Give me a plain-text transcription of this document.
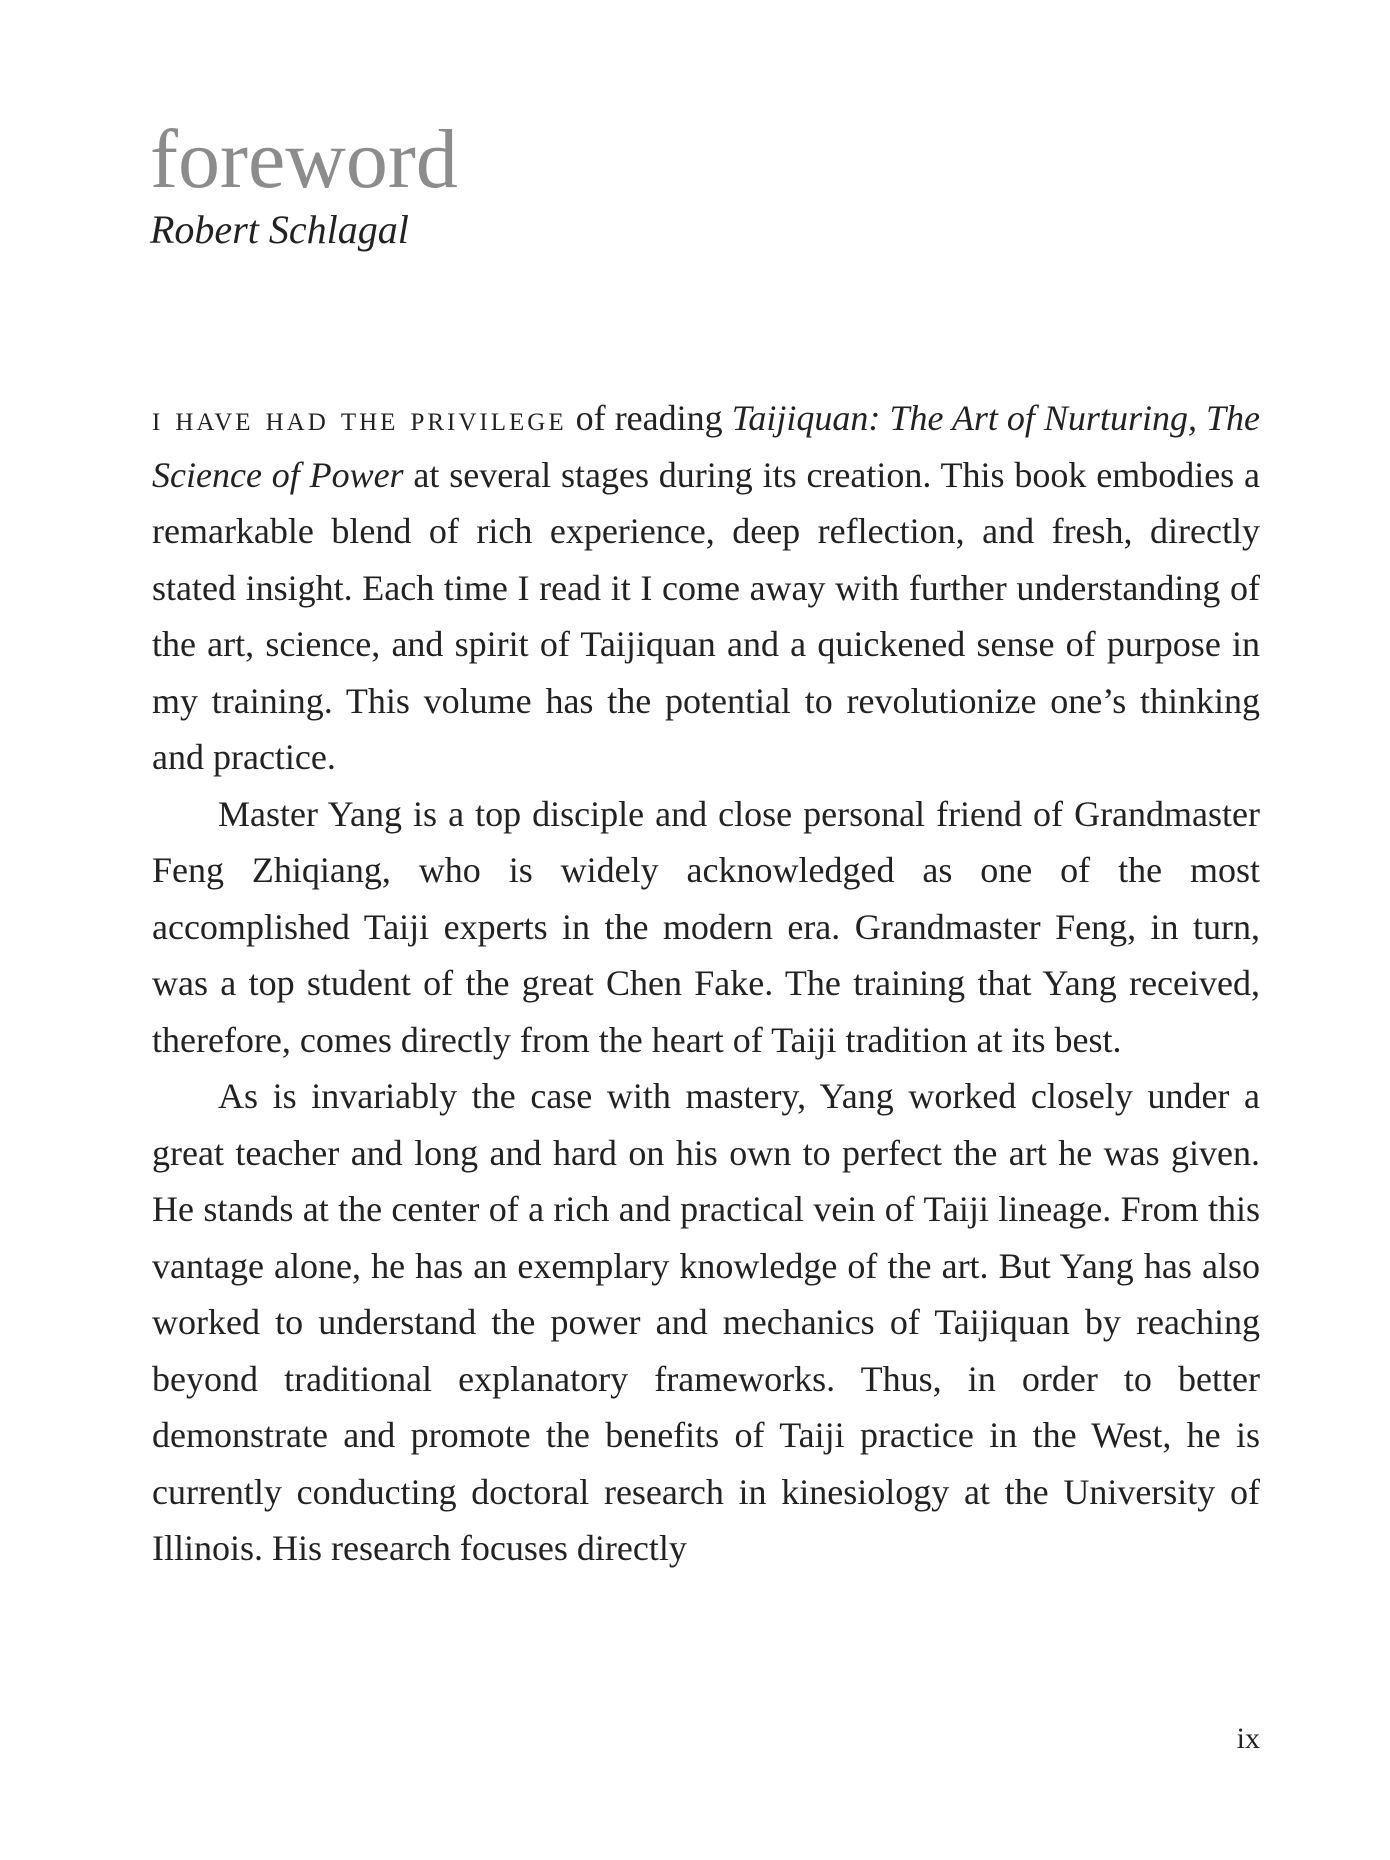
foreword
Robert Schlagal

i have had the privilege of reading Taijiquan: The Art of Nurturing, The Science of Power at several stages during its creation. This book embodies a remarkable blend of rich experience, deep reflection, and fresh, directly stated insight. Each time I read it I come away with further understanding of the art, science, and spirit of Taijiquan and a quickened sense of purpose in my training. This volume has the potential to revolutionize one’s thinking and practice.

Master Yang is a top disciple and close personal friend of Grandmaster Feng Zhiqiang, who is widely acknowledged as one of the most accomplished Taiji experts in the modern era. Grandmaster Feng, in turn, was a top student of the great Chen Fake. The training that Yang received, therefore, comes directly from the heart of Taiji tradition at its best.

As is invariably the case with mastery, Yang worked closely under a great teacher and long and hard on his own to perfect the art he was given. He stands at the center of a rich and practical vein of Taiji lineage. From this vantage alone, he has an exemplary knowledge of the art. But Yang has also worked to understand the power and mechanics of Taijiquan by reaching beyond traditional explanatory frameworks. Thus, in order to better demonstrate and promote the benefits of Taiji practice in the West, he is currently conducting doctoral research in kinesiology at the University of Illinois. His research focuses directly

ix
